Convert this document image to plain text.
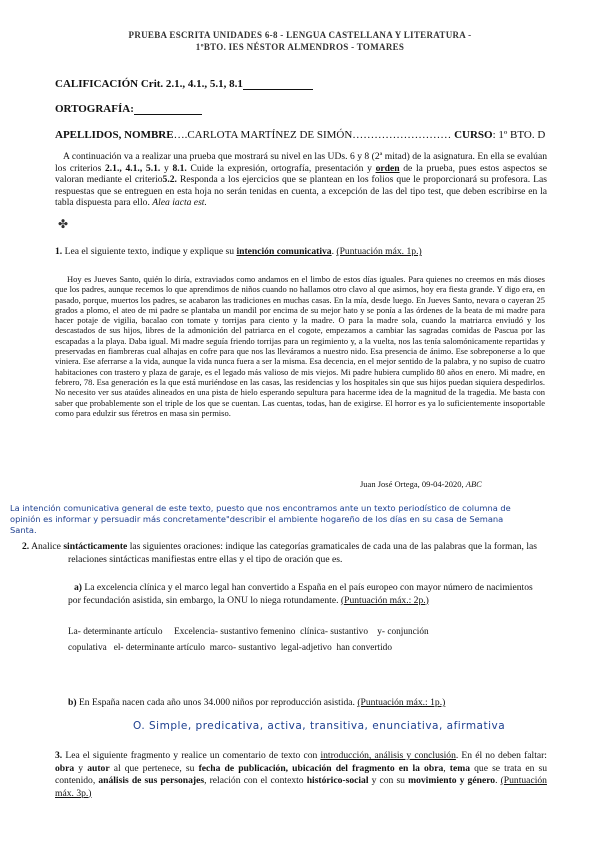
PRUEBA ESCRITA UNIDADES 6-8 - LENGUA CASTELLANA Y LITERATURA -
1ºBTO. IES NÉSTOR ALMENDROS - TOMARES
CALIFICACIÓN Crit. 2.1., 4.1., 5.1, 8.1
ORTOGRAFÍA:
APELLIDOS, NOMBRE….CARLOTA MARTÍNEZ DE SIMÓN……………………… CURSO: 1º BTO. D
A continuación va a realizar una prueba que mostrará su nivel en las UDs. 6 y 8 (2ª mitad) de la asignatura. En ella se evalúan los criterios 2.1., 4.1., 5.1. y 8.1. Cuide la expresión, ortografía, presentación y orden de la prueba, pues estos aspectos se valoran mediante el criterio5.2. Responda a los ejercicios que se plantean en los folios que le proporcionará su profesora. Las respuestas que se entreguen en esta hoja no serán tenidas en cuenta, a excepción de las del tipo test, que deben escribirse en la tabla dispuesta para ello. Alea iacta est.
✤
1. Lea el siguiente texto, indique y explique su intención comunicativa. (Puntuación máx. 1p.)
Hoy es Jueves Santo, quién lo diría, extraviados como andamos en el limbo de estos días iguales. Para quienes no creemos en más dioses que los padres, aunque recemos lo que aprendimos de niños cuando no hallamos otro clavo al que asirnos, hoy era fiesta grande. Y digo era, en pasado, porque, muertos los padres, se acabaron las tradiciones en muchas casas. En la mía, desde luego. En Jueves Santo, nevara o cayeran 25 grados a plomo, el ateo de mi padre se plantaba un mandil por encima de su mejor hato y se ponía a las órdenes de la beata de mi madre para hacer potaje de vigilia, bacalao con tomate y torrijas para ciento y la madre. O para la madre sola, cuando la matriarca enviudó y los descastados de sus hijos, libres de la admonición del patriarca en el cogote, empezamos a cambiar las sagradas comidas de Pascua por las escapadas a la playa. Daba igual. Mi madre seguía friendo torrijas para un regimiento y, a la vuelta, nos las tenía salomónicamente repartidas y preservadas en fiambreras cual alhajas en cofre para que nos las lleváramos a nuestro nido. Esa presencia de ánimo. Ese sobreponerse a lo que viniera. Ese aferrarse a la vida, aunque la vida nunca fuera a ser la misma. Esa decencia, en el mejor sentido de la palabra, y no supiso de cuatro habitaciones con trastero y plaza de garaje, es el legado más valioso de mis viejos. Mi padre hubiera cumplido 80 años en enero. Mi madre, en febrero, 78. Esa generación es la que está muriéndose en las casas, las residencias y los hospitales sin que sus hijos puedan siquiera despedirlos. No necesito ver sus ataúdes alineados en una pista de hielo esperando sepultura para hacerme idea de la magnitud de la tragedia. Me basta con saber que probablemente son el triple de los que se cuentan. Las cuentas, todas, han de exigirse. El horror es ya lo suficientemente insoportable como para edulzir sus féretros en masa sin permiso.
Juan José Ortega, 09-04-2020, ABC
La intención comunicativa general de este texto, puesto que nos encontramos ante un texto periodístico de columna de opinión es informar y persuadir más concretamente"describir el ambiente hogareño de los días en su casa de Semana Santa.
2. Analice sintácticamente las siguientes oraciones: indique las categorías gramaticales de cada una de las palabras que la forman, las relaciones sintácticas manifiestas entre ellas y el tipo de oración que es.
a) La excelencia clínica y el marco legal han convertido a España en el país europeo con mayor número de nacimientos por fecundación asistida, sin embargo, la ONU lo niega rotundamente. (Puntuación máx.: 2p.)
La- determinante artículo     Excelencia- sustantivo femenino  clínica- sustantivo    y- conjunción
copulativa   el- determinante artículo  marco- sustantivo  legal-adjetivo  han convertido
b) En España nacen cada año unos 34.000 niños por reproducción asistida. (Puntuación máx.: 1p.)
O. Simple, predicativa, activa, transitiva, enunciativa, afirmativa
3. Lea el siguiente fragmento y realice un comentario de texto con introducción, análisis y conclusión. En él no deben faltar: obra y autor al que pertenece, su fecha de publicación, ubicación del fragmento en la obra, tema que se trata en su contenido, análisis de sus personajes, relación con el contexto histórico-social y con su movimiento y género. (Puntuación máx. 3p.)
